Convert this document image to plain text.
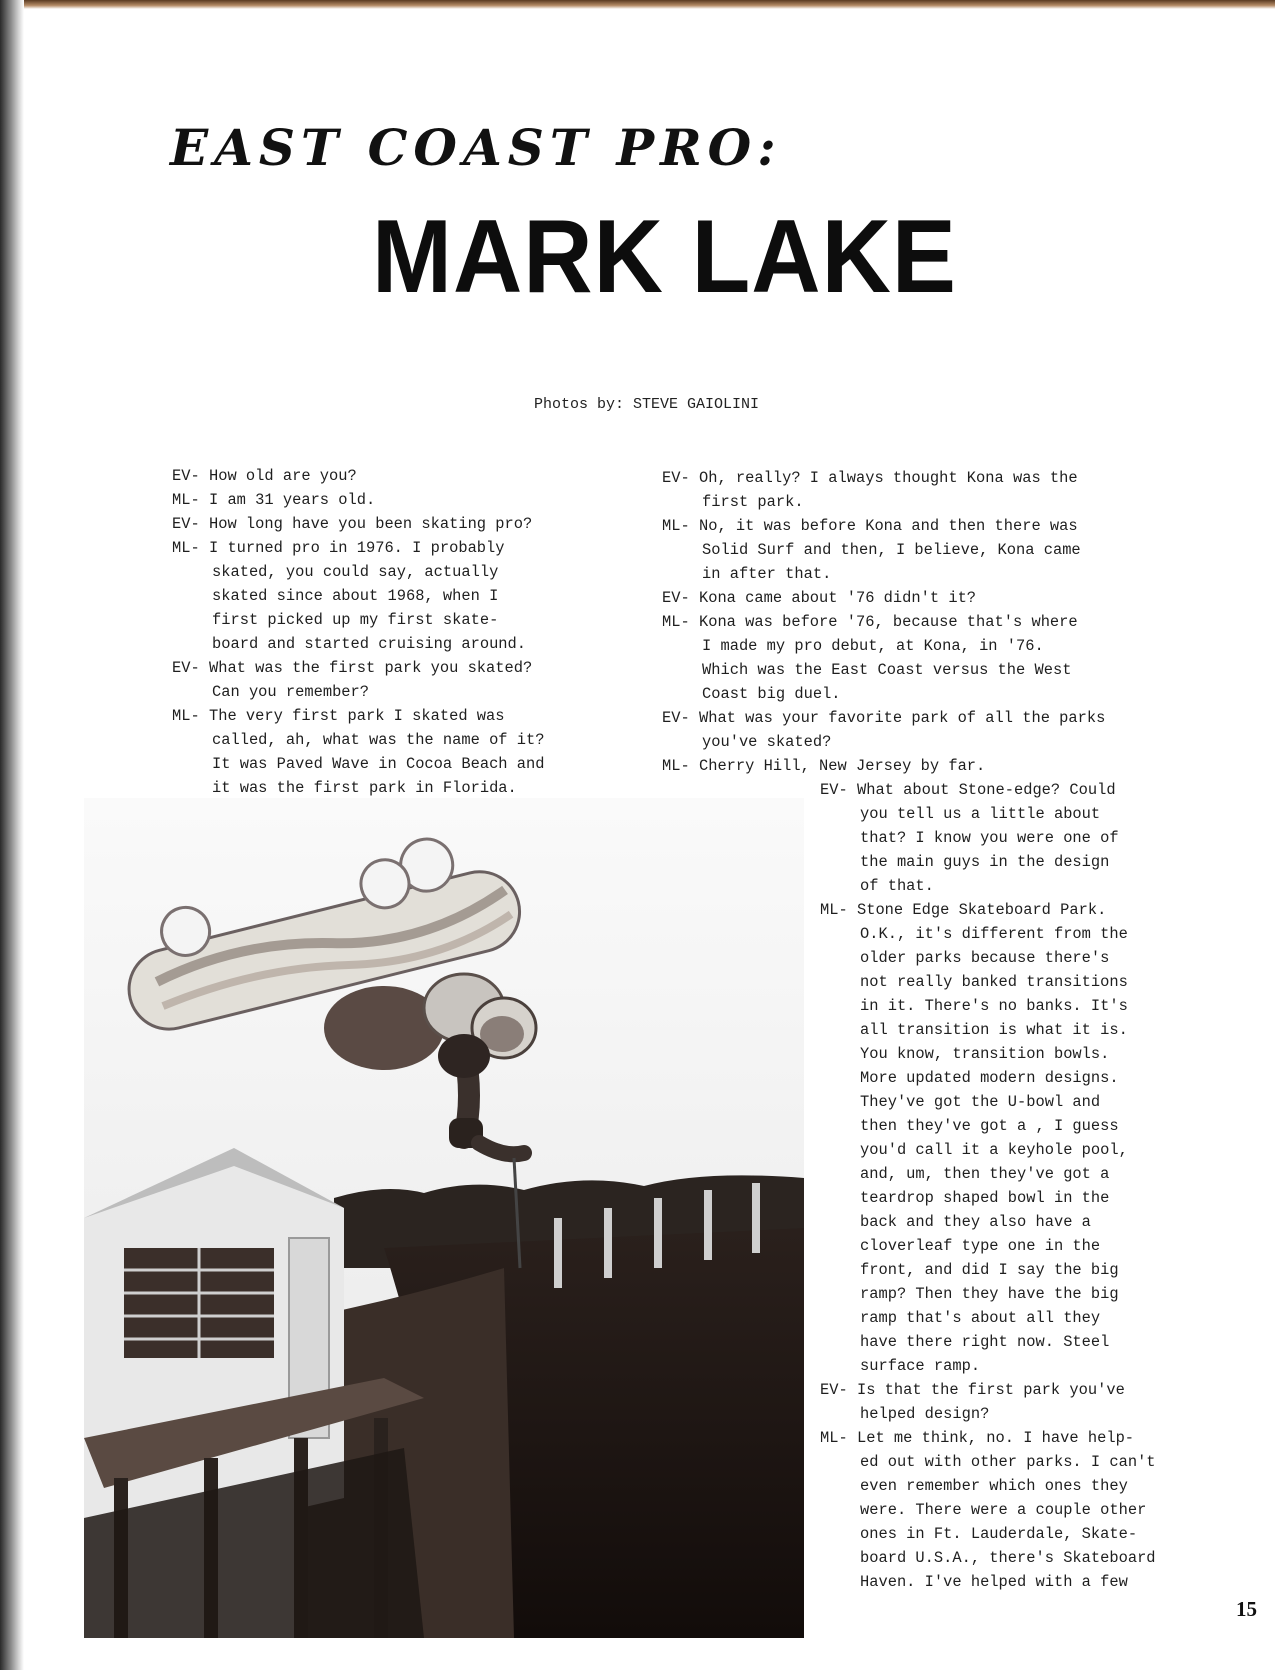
EAST COAST PRO:
MARK LAKE

Photos by: STEVE GAIOLINI

EV- How old are you?
ML- I am 31 years old.
EV- How long have you been skating pro?
ML- I turned pro in 1976. I probably
skated, you could say, actually
skated since about 1968, when I
first picked up my first skate-
board and started cruising around.
EV- What was the first park you skated?
Can you remember?
ML- The very first park I skated was
called, ah, what was the name of it?
It was Paved Wave in Cocoa Beach and
it was the first park in Florida.
EV- Oh, really? I always thought Kona was the
first park.
ML- No, it was before Kona and then there was
Solid Surf and then, I believe, Kona came
in after that.
EV- Kona came about '76 didn't it?
ML- Kona was before '76, because that's where
I made my pro debut, at Kona, in '76.
Which was the East Coast versus the West
Coast big duel.
EV- What was your favorite park of all the parks
you've skated?
ML- Cherry Hill, New Jersey by far.
EV- What about Stone-edge? Could
you tell us a little about
that? I know you were one of
the main guys in the design
of that.
ML- Stone Edge Skateboard Park.
O.K., it's different from the
older parks because there's
not really banked transitions
in it. There's no banks. It's
all transition is what it is.
You know, transition bowls.
More updated modern designs.
They've got the U-bowl and
then they've got a , I guess
you'd call it a keyhole pool,
and, um, then they've got a
teardrop shaped bowl in the
back and they also have a
cloverleaf type one in the
front, and did I say the big
ramp? Then they have the big
ramp that's about all they
have there right now. Steel
surface ramp.
EV- Is that the first park you've
helped design?
ML- Let me think, no. I have help-
ed out with other parks. I can't
even remember which ones they
were. There were a couple other
ones in Ft. Lauderdale, Skate-
board U.S.A., there's Skateboard
Haven. I've helped with a few

15
